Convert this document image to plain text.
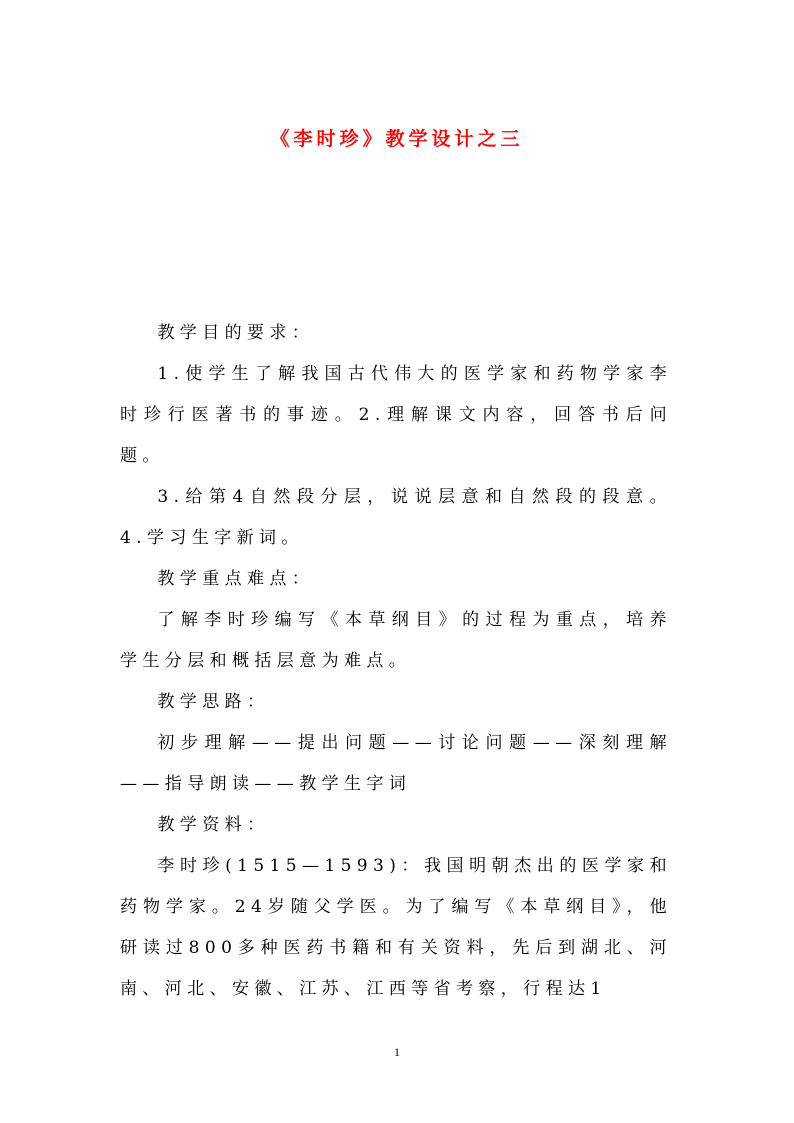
《李时珍》教学设计之三

教学目的要求：

1.使学生了解我国古代伟大的医学家和药物学家李时珍行医著书的事迹。2.理解课文内容，回答书后问题。

3.给第4自然段分层，说说层意和自然段的段意。4.学习生字新词。

教学重点难点：

了解李时珍编写《本草纲目》的过程为重点，培养学生分层和概括层意为难点。

教学思路：

初步理解——提出问题——讨论问题——深刻理解——指导朗读——教学生字词

教学资料：

李时珍(1515—1593)：我国明朝杰出的医学家和药物学家。24岁随父学医。为了编写《本草纲目》，他研读过800多种医药书籍和有关资料，先后到湖北、河南、河北、安徽、江苏、江西等省考察，行程达1

1
